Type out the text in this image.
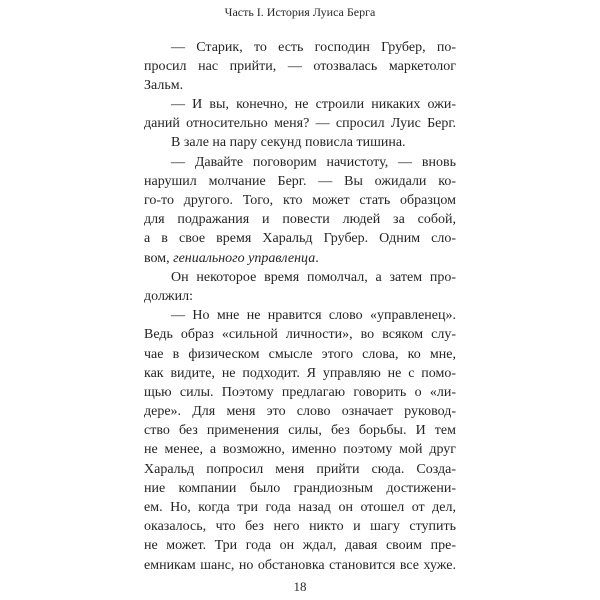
Часть I. История Луиса Берга
— Старик, то есть господин Грубер, по-
просил нас прийти, — отозвалась маркетолог
Зальм.
— И вы, конечно, не строили никаких ожи-
даний относительно меня? — спросил Луис Берг.
В зале на пару секунд повисла тишина.
— Давайте поговорим начистоту, — вновь
нарушил молчание Берг. — Вы ожидали ко-
го-то другого. Того, кто может стать образцом
для подражания и повести людей за собой,
а в свое время Харальд Грубер. Одним сло-
вом, гениального управленца.
Он некоторое время помолчал, а затем про-
должил:
— Но мне не нравится слово «управленец».
Ведь образ «сильной личности», во всяком слу-
чае в физическом смысле этого слова, ко мне,
как видите, не подходит. Я управляю не с помо-
щью силы. Поэтому предлагаю говорить о «ли-
дере». Для меня это слово означает руковод-
ство без применения силы, без борьбы. И тем
не менее, а возможно, именно поэтому мой друг
Харальд попросил меня прийти сюда. Созда-
ние компании было грандиозным достижени-
ем. Но, когда три года назад он отошел от дел,
оказалось, что без него никто и шагу ступить
не может. Три года он ждал, давая своим пре-
емникам шанс, но обстановка становится все хуже.
18
